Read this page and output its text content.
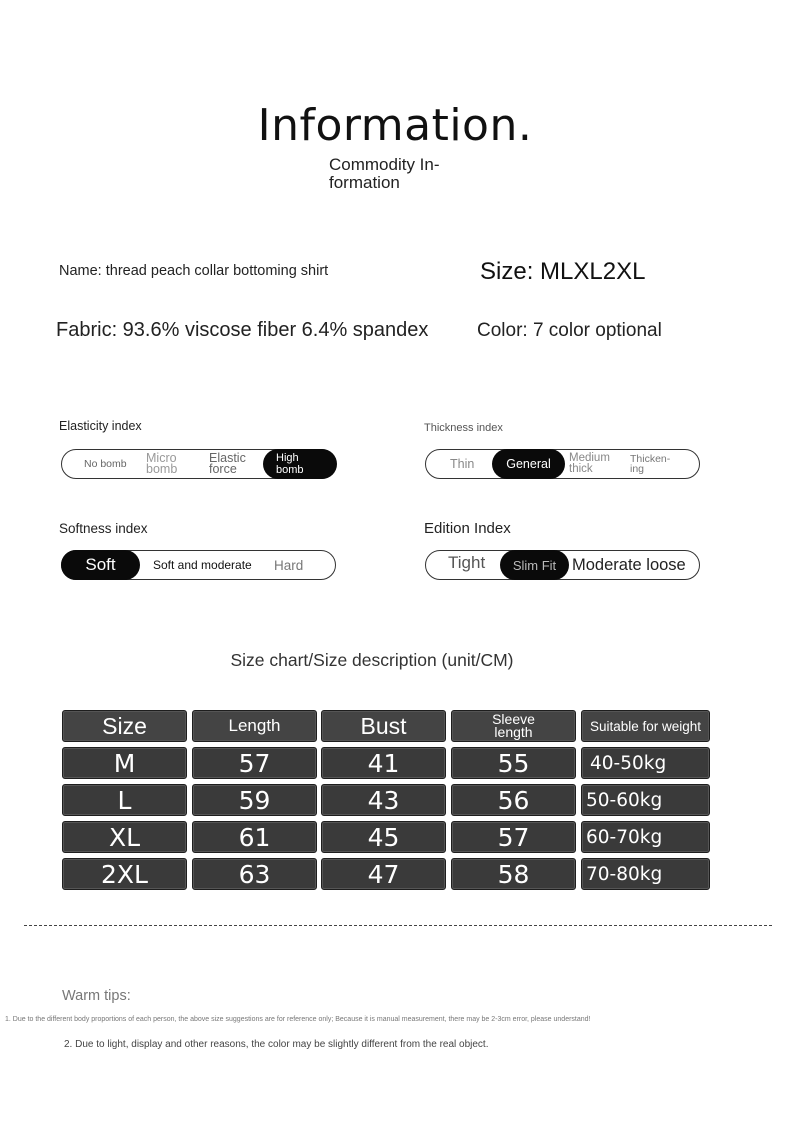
Information.
Commodity In- formation
Name: thread peach collar bottoming shirt	Size: MLXL2XL
Fabric: 93.6% viscose fiber 6.4% spandex	Color: 7 color optional
Elasticity index
No bomb Micro bomb
Elastic force
High bomb
Thickness index
Thin	General	Medium thick
Thicken- ing
Softness index
Soft	Soft and moderate Hard
Edition Index
Tight	Slim Fit Moderate loose
Size chart/Size description (unit/CM)
Size	Length	Bust	Sleeve length	Suitable for weight
M	57	41	55	40-50kg
L	59	43	56	50-60kg
XL	61	45	57	60-70kg
2XL	63	47	58	70-80kg
Warm tips:
1. Due to the different body proportions of each person, the above size suggestions are for reference only; Because it is manual measurement, there may be 2-3cm error, please understand!
2. Due to light, display and other reasons, the color may be slightly different from the real object.
